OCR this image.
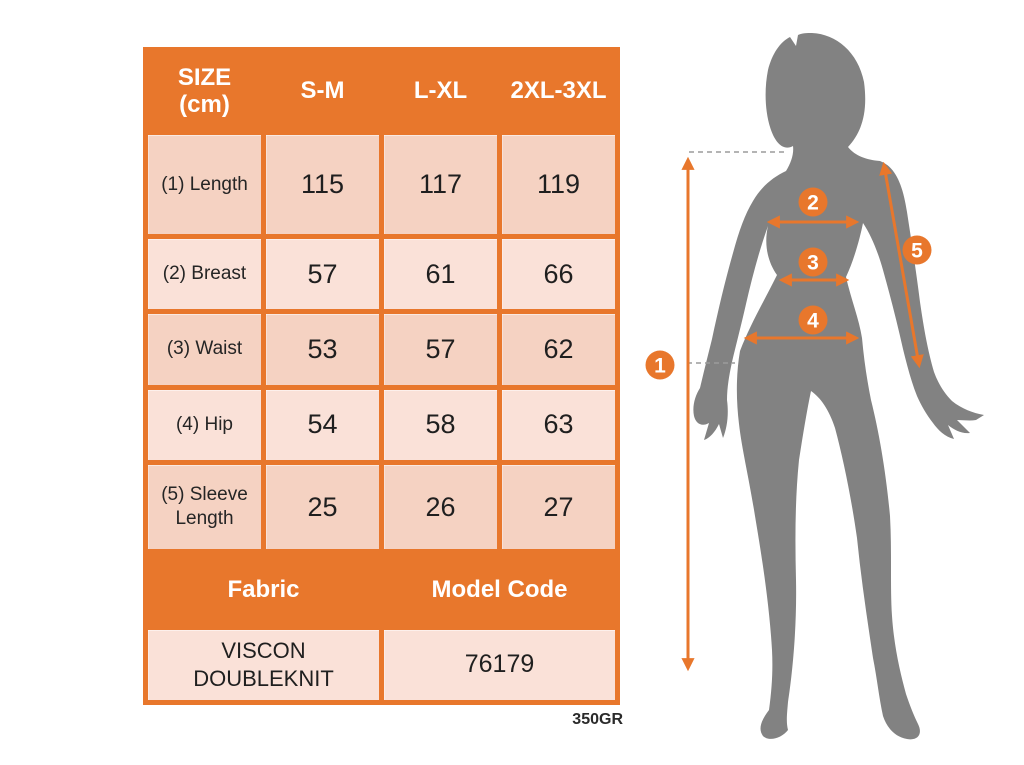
SIZE
(cm)	S-M	L-XL	2XL-3XL
(1) Length	115	117	119
(2) Breast	57	61	66
(3) Waist	53	57	62
(4) Hip	54	58	63
(5) Sleeve Length	25	26	27
Fabric		Model Code	

VISCON
DOUBLEKNIT		76179	
350GR
1
2
3
4
5
